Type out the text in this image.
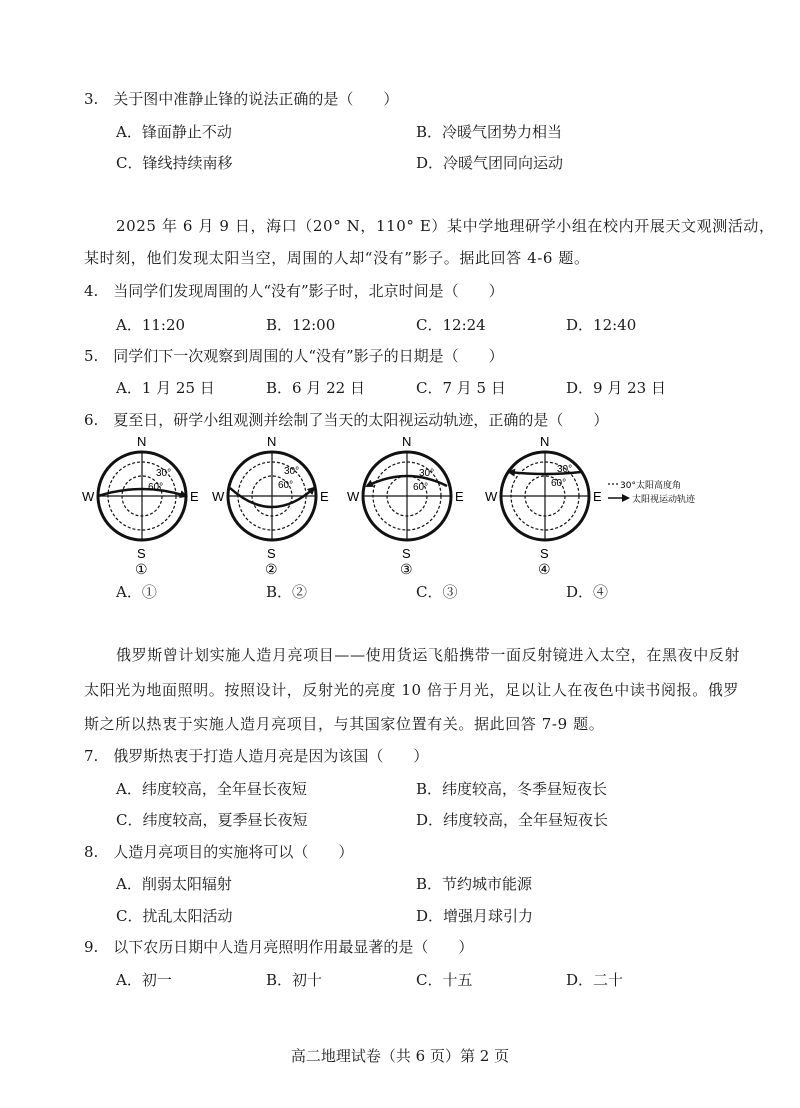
3.　关于图中准静止锋的说法正确的是（　　）
A．锋面静止不动	B．冷暖气团势力相当
C．锋线持续南移	D．冷暖气团同向运动
2025 年 6 月 9 日，海口（20° N，110° E）某中学地理研学小组在校内开展天文观测活动，
某时刻，他们发现太阳当空，周围的人却“没有”影子。据此回答 4-6 题。
4.　当同学们发现周围的人“没有”影子时，北京时间是（　　）
A．11:20	B．12:00	C．12:24	D．12:40
5.　同学们下一次观察到周围的人“没有”影子的日期是（　　）
A．1 月 25 日	B．6 月 22 日	C．7 月 5 日	D．9 月 23 日
6.　夏至日，研学小组观测并绘制了当天的太阳视运动轨迹，正确的是（　　）
30°
60°
N
S
W	E
①
30°
60°
N
S
W	E
②
30°
60°
N
S
W	E
③
30°
60°
N
S
W	E
④
30°太阳高度角
太阳视运动轨迹
A．①	B．②	C．③	D．④
俄罗斯曾计划实施人造月亮项目——使用货运飞船携带一面反射镜进入太空，在黑夜中反射
太阳光为地面照明。按照设计，反射光的亮度 10 倍于月光，足以让人在夜色中读书阅报。俄罗
斯之所以热衷于实施人造月亮项目，与其国家位置有关。据此回答 7-9 题。
7.　俄罗斯热衷于打造人造月亮是因为该国（　　）
A．纬度较高，全年昼长夜短	B．纬度较高，冬季昼短夜长
C．纬度较高，夏季昼长夜短	D．纬度较高，全年昼短夜长
8.　人造月亮项目的实施将可以（　　）
A．削弱太阳辐射	B．节约城市能源
C．扰乱太阳活动	D．增强月球引力
9.　以下农历日期中人造月亮照明作用最显著的是（　　）
A．初一	B．初十	C．十五	D．二十
高二地理试卷（共 6 页）第 2 页
